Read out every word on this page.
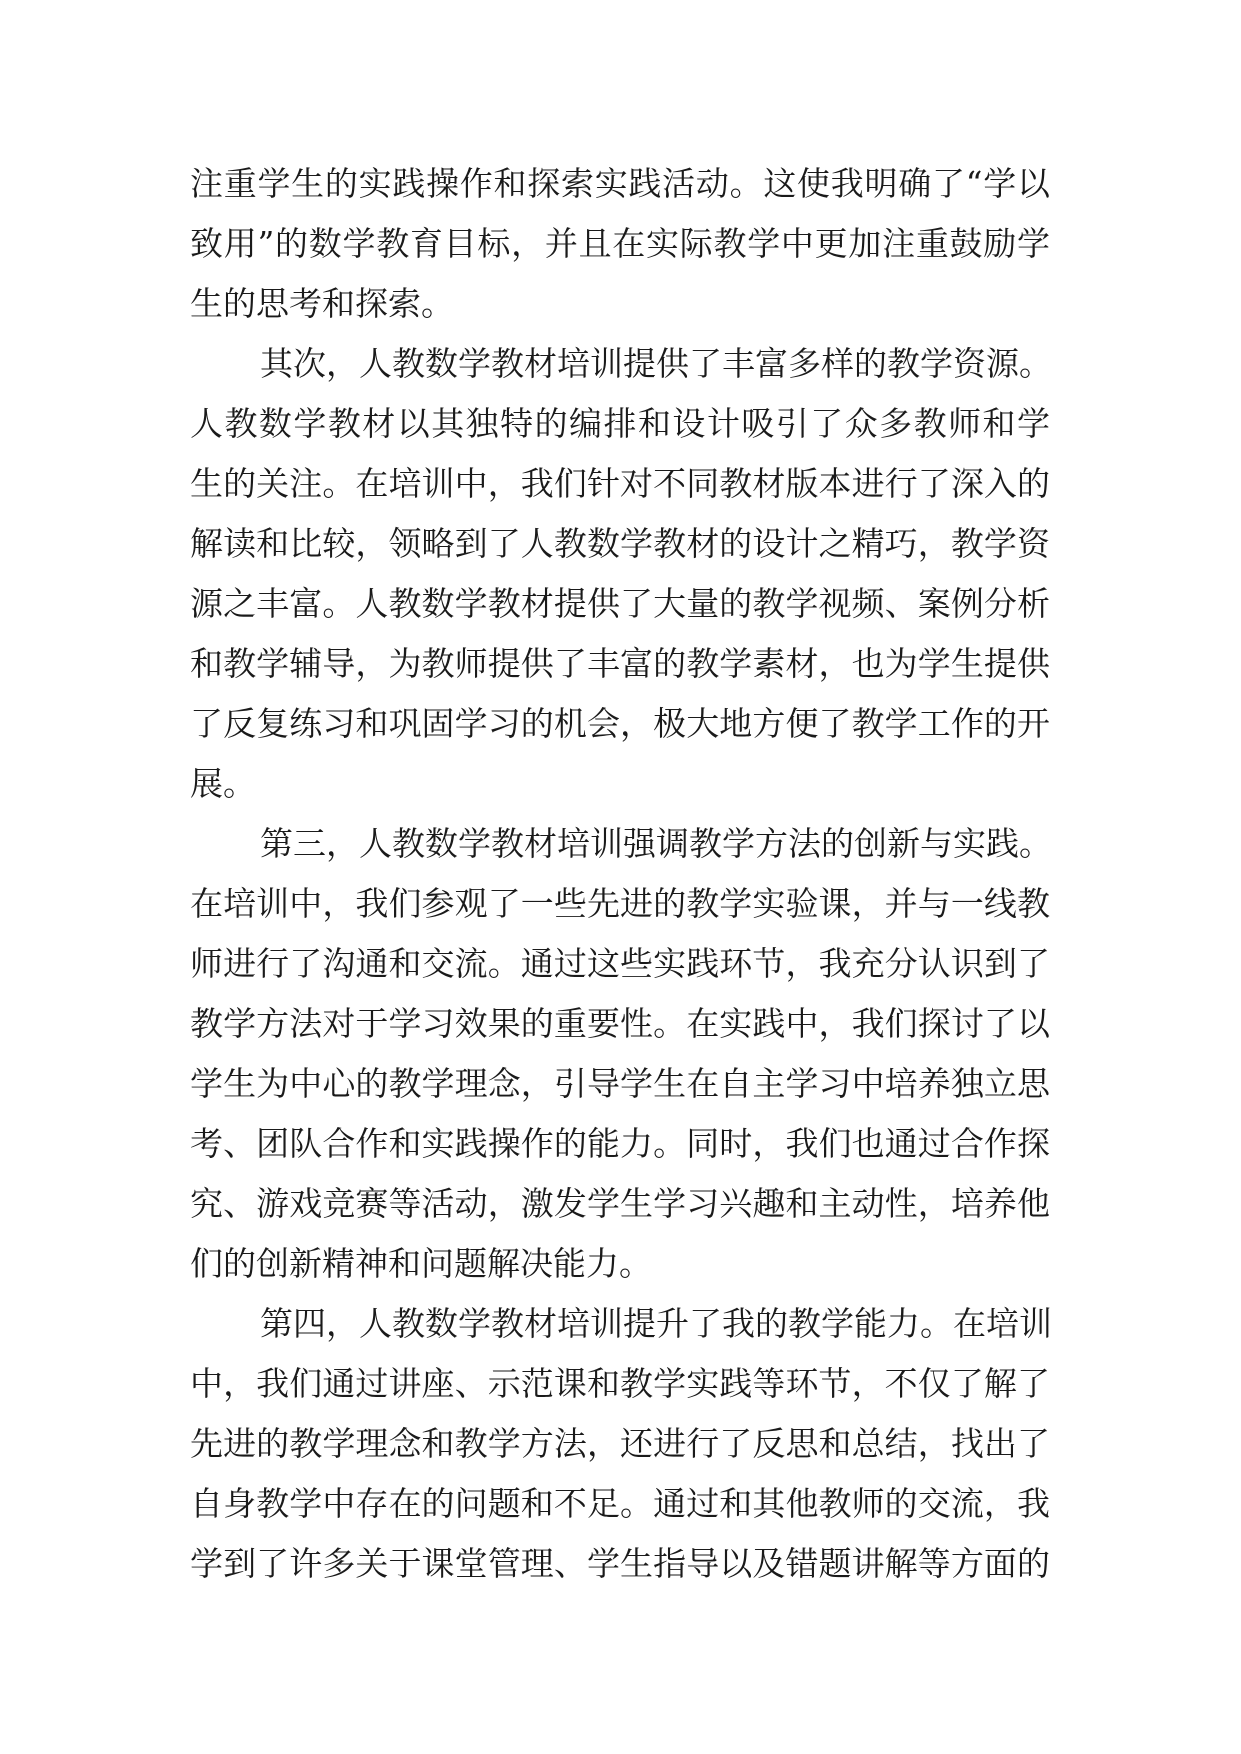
注重学生的实践操作和探索实践活动。这使我明确了“学以
致用”的数学教育目标，并且在实际教学中更加注重鼓励学
生的思考和探索。
其次，人教数学教材培训提供了丰富多样的教学资源。
人教数学教材以其独特的编排和设计吸引了众多教师和学
生的关注。在培训中，我们针对不同教材版本进行了深入的
解读和比较，领略到了人教数学教材的设计之精巧，教学资
源之丰富。人教数学教材提供了大量的教学视频、案例分析
和教学辅导，为教师提供了丰富的教学素材，也为学生提供
了反复练习和巩固学习的机会，极大地方便了教学工作的开
展。
第三，人教数学教材培训强调教学方法的创新与实践。
在培训中，我们参观了一些先进的教学实验课，并与一线教
师进行了沟通和交流。通过这些实践环节，我充分认识到了
教学方法对于学习效果的重要性。在实践中，我们探讨了以
学生为中心的教学理念，引导学生在自主学习中培养独立思
考、团队合作和实践操作的能力。同时，我们也通过合作探
究、游戏竞赛等活动，激发学生学习兴趣和主动性，培养他
们的创新精神和问题解决能力。
第四，人教数学教材培训提升了我的教学能力。在培训
中，我们通过讲座、示范课和教学实践等环节，不仅了解了
先进的教学理念和教学方法，还进行了反思和总结，找出了
自身教学中存在的问题和不足。通过和其他教师的交流，我
学到了许多关于课堂管理、学生指导以及错题讲解等方面的
